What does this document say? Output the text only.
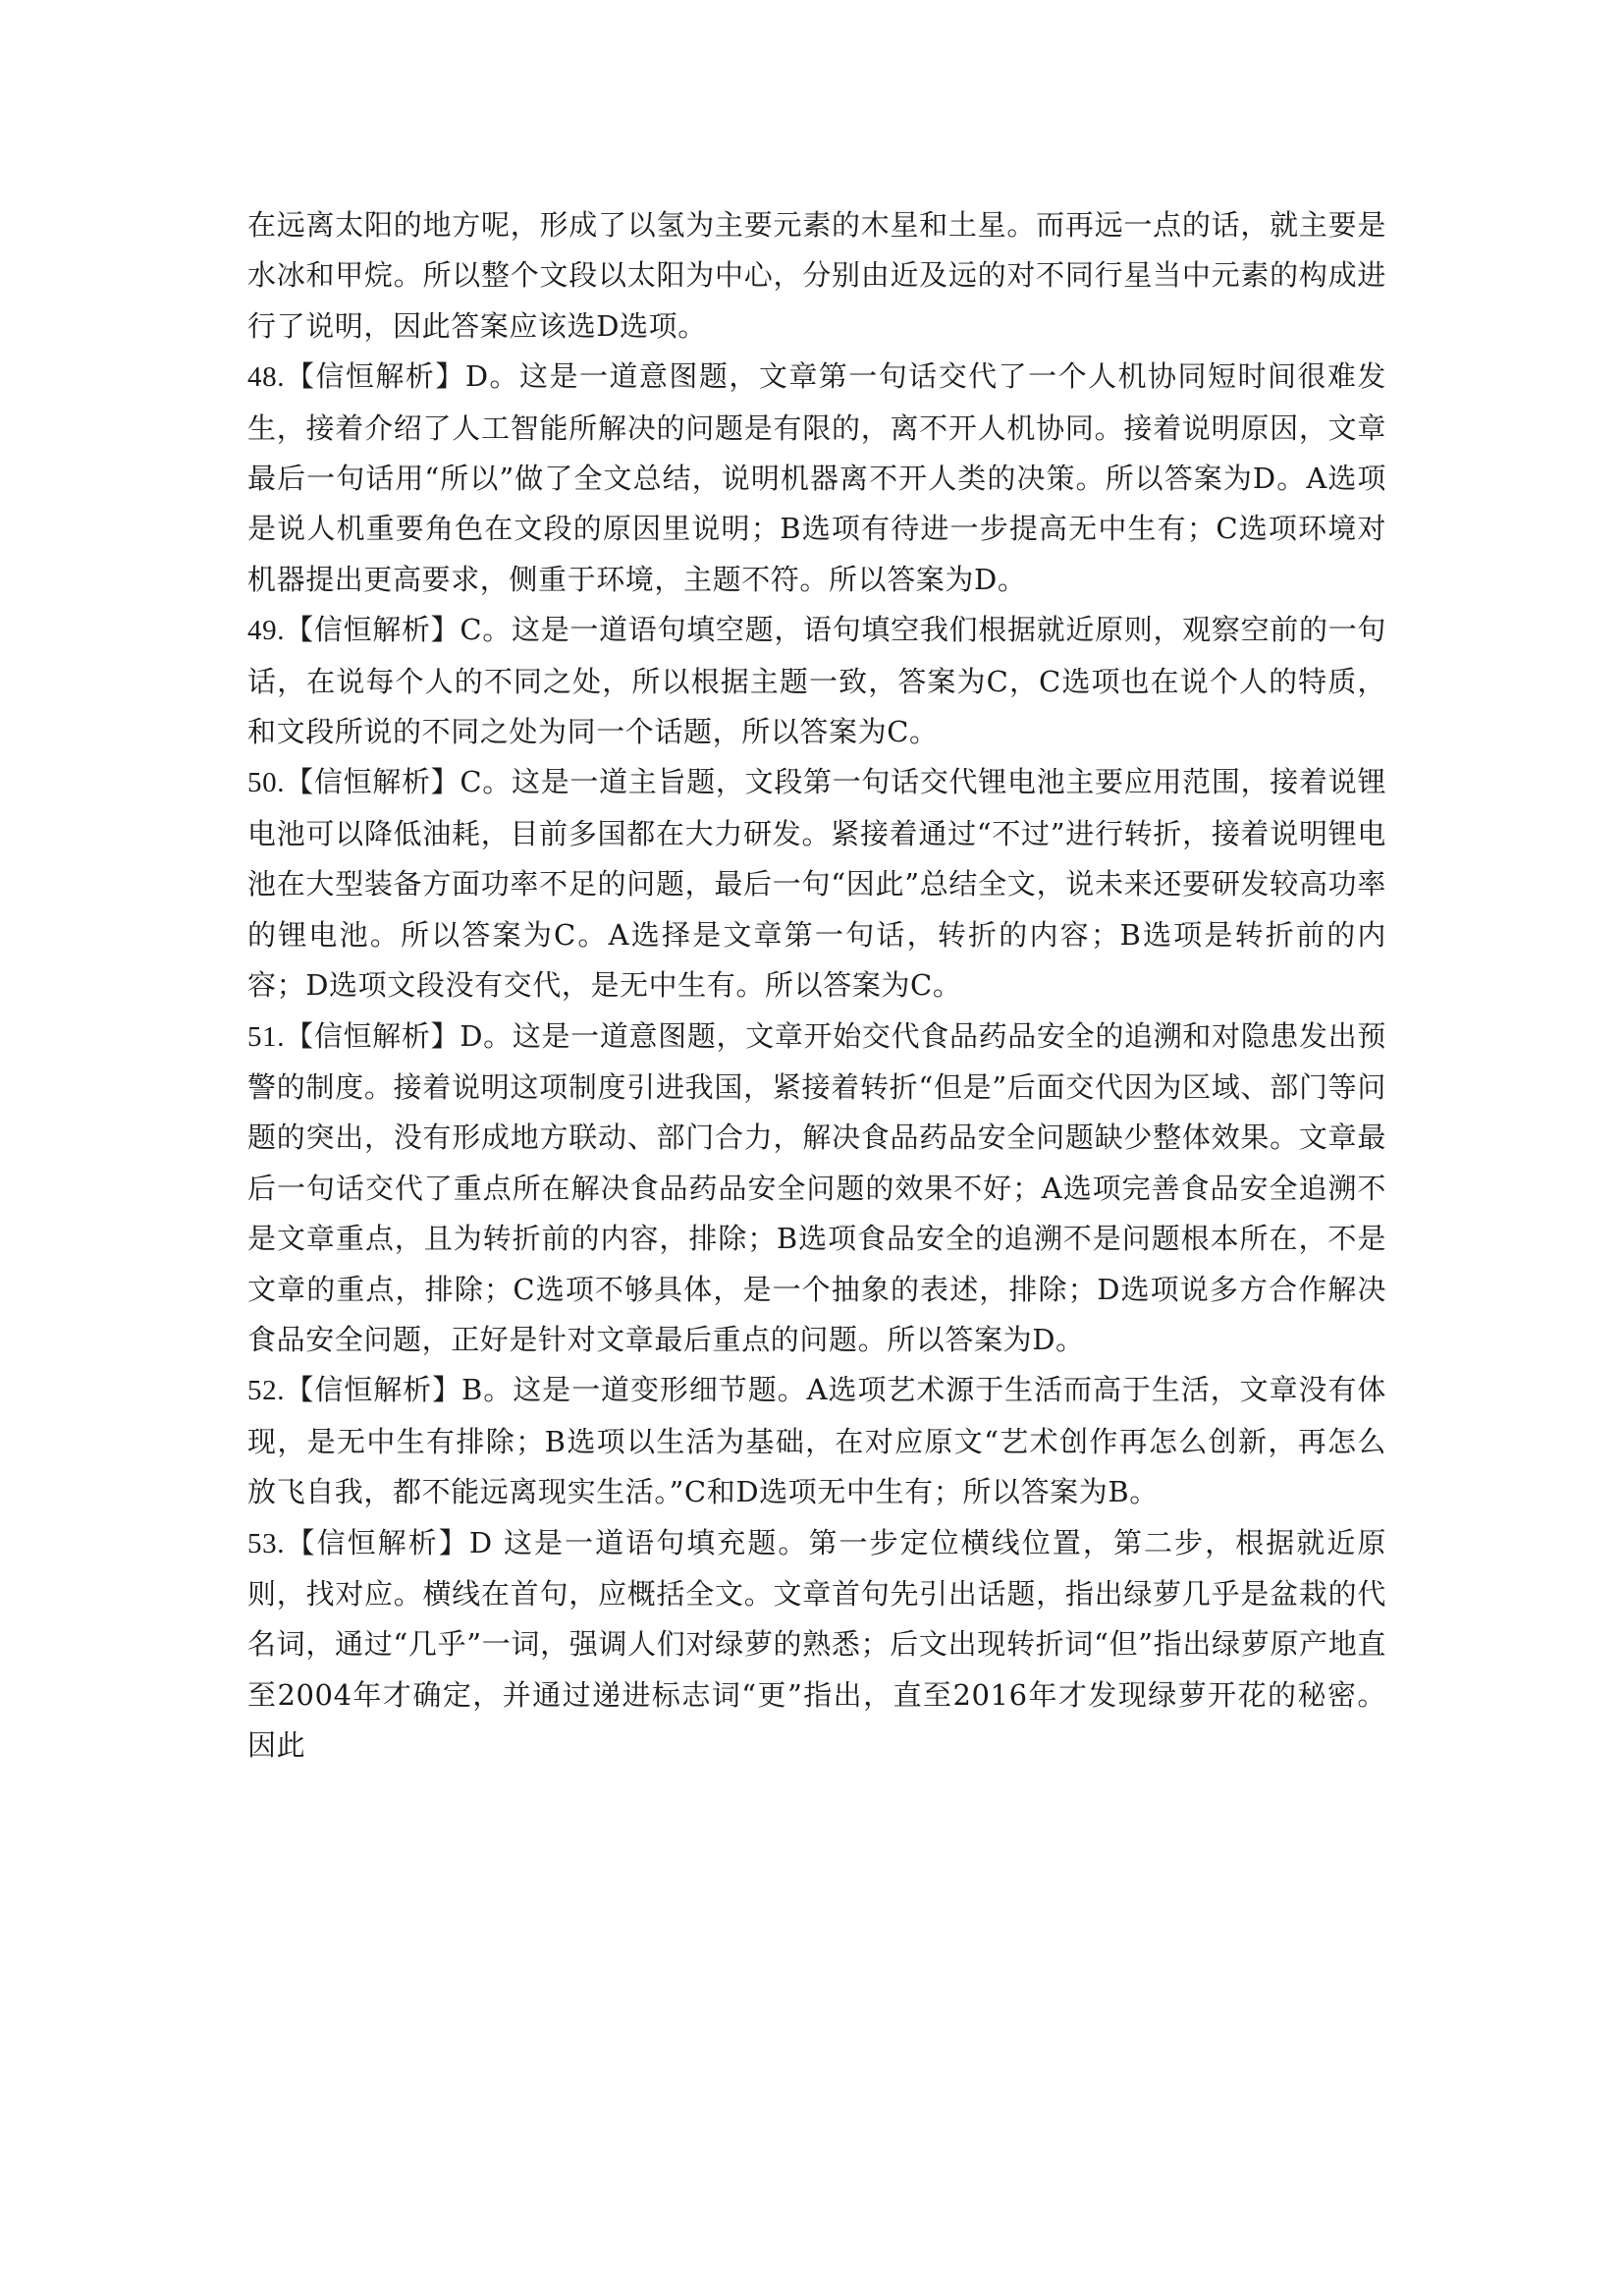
在远离太阳的地方呢，形成了以氢为主要元素的木星和土星。而再远一点的话，就主要是水冰和甲烷。所以整个文段以太阳为中心，分别由近及远的对不同行星当中元素的构成进行了说明，因此答案应该选D选项。

48.【信恒解析】D。这是一道意图题，文章第一句话交代了一个人机协同短时间很难发生，接着介绍了人工智能所解决的问题是有限的，离不开人机协同。接着说明原因，文章最后一句话用“所以”做了全文总结，说明机器离不开人类的决策。所以答案为D。A选项是说人机重要角色在文段的原因里说明；B选项有待进一步提高无中生有；C选项环境对机器提出更高要求，侧重于环境，主题不符。所以答案为D。

49.【信恒解析】C。这是一道语句填空题，语句填空我们根据就近原则，观察空前的一句话，在说每个人的不同之处，所以根据主题一致，答案为C，C选项也在说个人的特质，和文段所说的不同之处为同一个话题，所以答案为C。

50.【信恒解析】C。这是一道主旨题，文段第一句话交代锂电池主要应用范围，接着说锂电池可以降低油耗，目前多国都在大力研发。紧接着通过“不过”进行转折，接着说明锂电池在大型装备方面功率不足的问题，最后一句“因此”总结全文，说未来还要研发较高功率的锂电池。所以答案为C。A选择是文章第一句话，转折的内容；B选项是转折前的内容；D选项文段没有交代，是无中生有。所以答案为C。

51.【信恒解析】D。这是一道意图题，文章开始交代食品药品安全的追溯和对隐患发出预警的制度。接着说明这项制度引进我国，紧接着转折“但是”后面交代因为区域、部门等问题的突出，没有形成地方联动、部门合力，解决食品药品安全问题缺少整体效果。文章最后一句话交代了重点所在解决食品药品安全问题的效果不好；A选项完善食品安全追溯不是文章重点，且为转折前的内容，排除；B选项食品安全的追溯不是问题根本所在，不是文章的重点，排除；C选项不够具体，是一个抽象的表述，排除；D选项说多方合作解决食品安全问题，正好是针对文章最后重点的问题。所以答案为D。

52.【信恒解析】B。这是一道变形细节题。A选项艺术源于生活而高于生活，文章没有体现，是无中生有排除；B选项以生活为基础，在对应原文“艺术创作再怎么创新，再怎么放飞自我，都不能远离现实生活。”C和D选项无中生有；所以答案为B。

53.【信恒解析】D 这是一道语句填充题。第一步定位横线位置，第二步，根据就近原则，找对应。横线在首句，应概括全文。文章首句先引出话题，指出绿萝几乎是盆栽的代名词，通过“几乎”一词，强调人们对绿萝的熟悉；后文出现转折词“但”指出绿萝原产地直至2004年才确定，并通过递进标志词“更”指出，直至2016年才发现绿萝开花的秘密。因此
